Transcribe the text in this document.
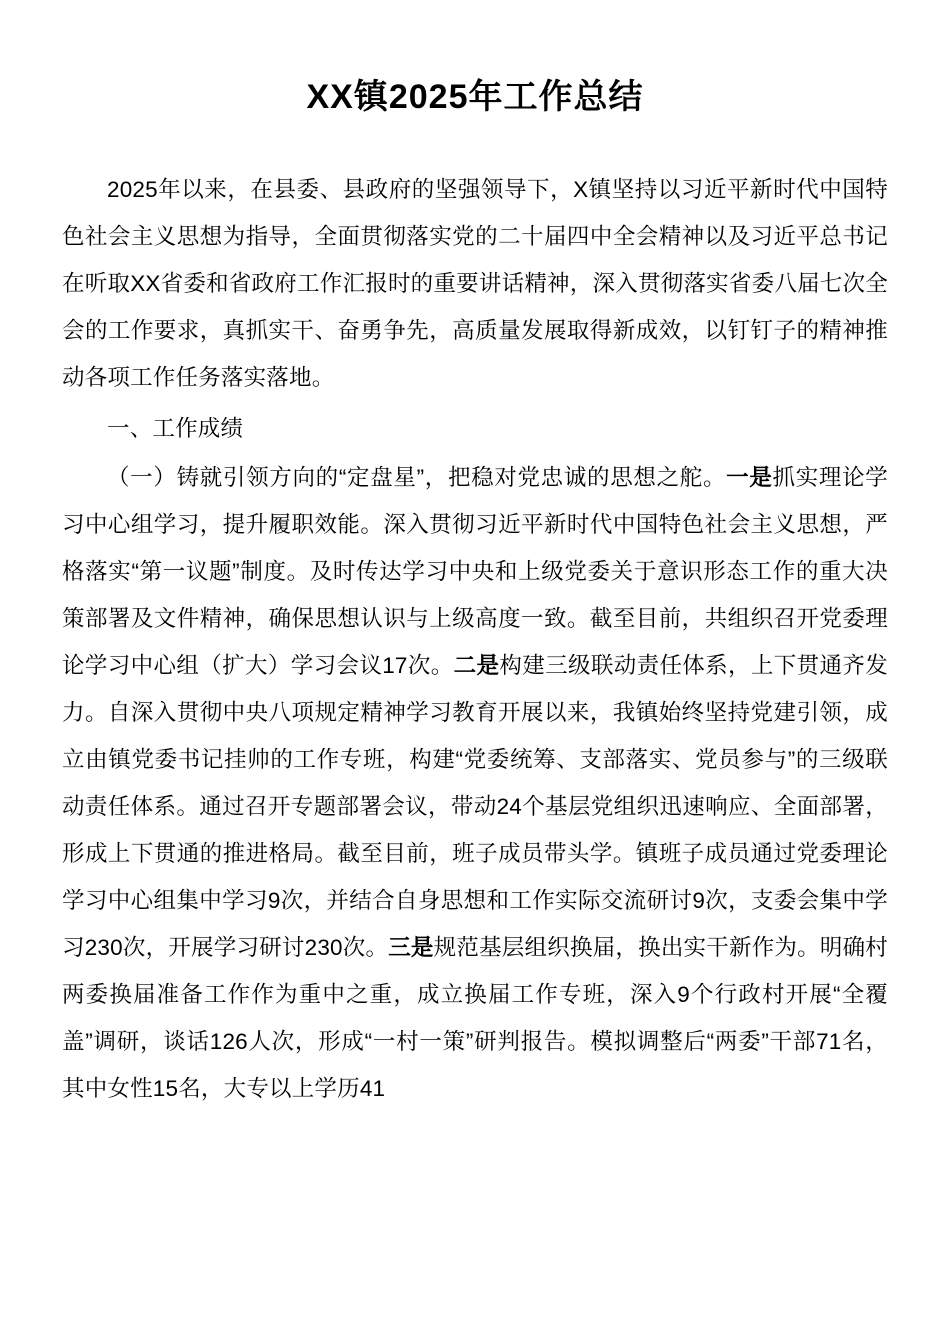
XX镇2025年工作总结
2025年以来，在县委、县政府的坚强领导下，X镇坚持以习近平新时代中国特色社会主义思想为指导，全面贯彻落实党的二十届四中全会精神以及习近平总书记在听取XX省委和省政府工作汇报时的重要讲话精神，深入贯彻落实省委八届七次全会的工作要求，真抓实干、奋勇争先，高质量发展取得新成效，以钉钉子的精神推动各项工作任务落实落地。
一、工作成绩
（一）铸就引领方向的“定盘星”，把稳对党忠诚的思想之舵。一是抓实理论学习中心组学习，提升履职效能。深入贯彻习近平新时代中国特色社会主义思想，严格落实“第一议题”制度。及时传达学习中央和上级党委关于意识形态工作的重大决策部署及文件精神，确保思想认识与上级高度一致。截至目前，共组织召开党委理论学习中心组（扩大）学习会议17次。二是构建三级联动责任体系，上下贯通齐发力。自深入贯彻中央八项规定精神学习教育开展以来，我镇始终坚持党建引领，成立由镇党委书记挂帅的工作专班，构建“党委统筹、支部落实、党员参与”的三级联动责任体系。通过召开专题部署会议，带动24个基层党组织迅速响应、全面部署，形成上下贯通的推进格局。截至目前，班子成员带头学。镇班子成员通过党委理论学习中心组集中学习9次，并结合自身思想和工作实际交流研讨9次，支委会集中学习230次，开展学习研讨230次。三是规范基层组织换届，换出实干新作为。明确村两委换届准备工作作为重中之重，成立换届工作专班，深入9个行政村开展“全覆盖”调研，谈话126人次，形成“一村一策”研判报告。模拟调整后“两委”干部71名，其中女性15名，大专以上学历41
